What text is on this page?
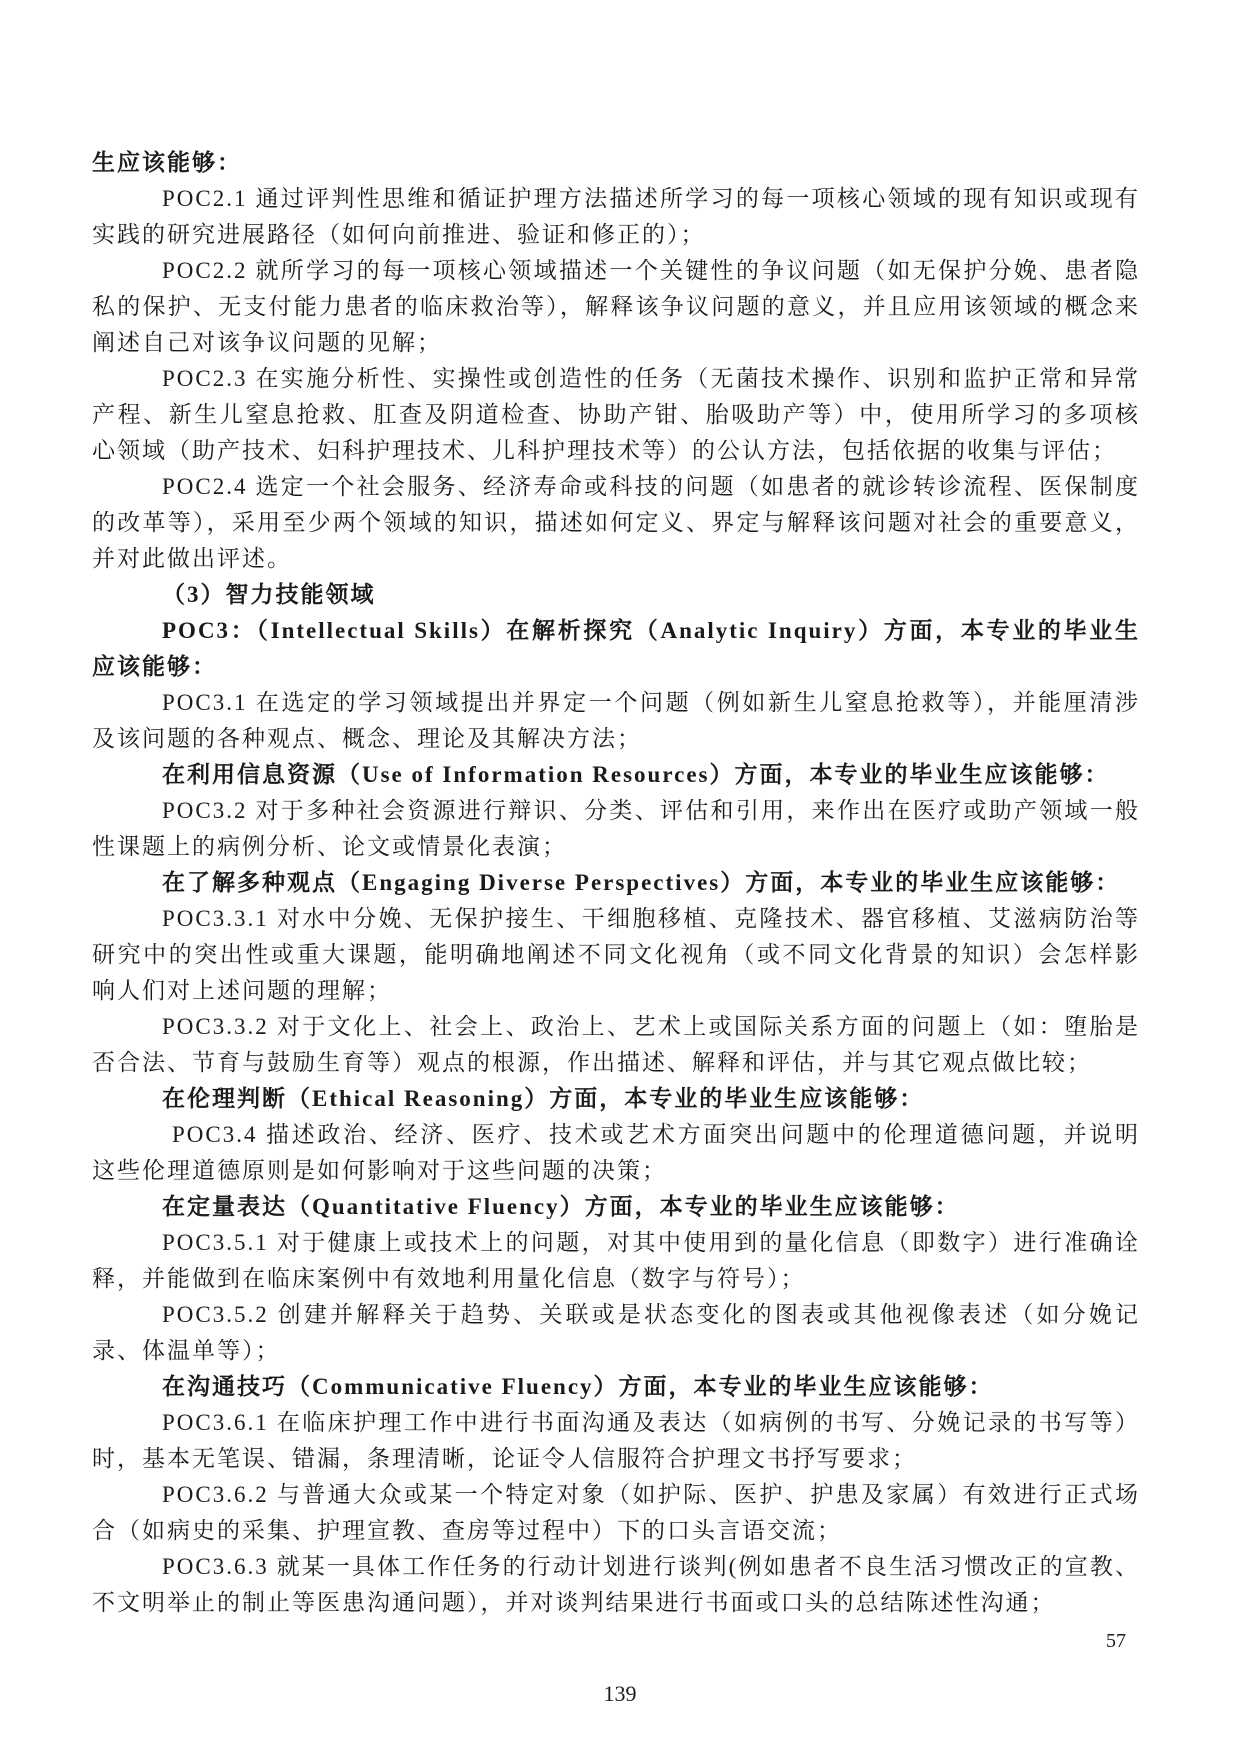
生应该能够：

POC2.1 通过评判性思维和循证护理方法描述所学习的每一项核心领域的现有知识或现有实践的研究进展路径（如何向前推进、验证和修正的）；

POC2.2 就所学习的每一项核心领域描述一个关键性的争议问题（如无保护分娩、患者隐私的保护、无支付能力患者的临床救治等），解释该争议问题的意义，并且应用该领域的概念来阐述自己对该争议问题的见解；

POC2.3 在实施分析性、实操性或创造性的任务（无菌技术操作、识别和监护正常和异常产程、新生儿窒息抢救、肛查及阴道检查、协助产钳、胎吸助产等）中，使用所学习的多项核心领域（助产技术、妇科护理技术、儿科护理技术等）的公认方法，包括依据的收集与评估；

POC2.4 选定一个社会服务、经济寿命或科技的问题（如患者的就诊转诊流程、医保制度的改革等），采用至少两个领域的知识，描述如何定义、界定与解释该问题对社会的重要意义，并对此做出评述。

（3）智力技能领域

POC3：（Intellectual Skills）在解析探究（Analytic Inquiry）方面，本专业的毕业生应该能够：

POC3.1 在选定的学习领域提出并界定一个问题（例如新生儿窒息抢救等），并能厘清涉及该问题的各种观点、概念、理论及其解决方法；

在利用信息资源（Use of Information Resources）方面，本专业的毕业生应该能够：

POC3.2 对于多种社会资源进行辩识、分类、评估和引用，来作出在医疗或助产领域一般性课题上的病例分析、论文或情景化表演；

在了解多种观点（Engaging Diverse Perspectives）方面，本专业的毕业生应该能够：

POC3.3.1 对水中分娩、无保护接生、干细胞移植、克隆技术、器官移植、艾滋病防治等研究中的突出性或重大课题，能明确地阐述不同文化视角（或不同文化背景的知识）会怎样影响人们对上述问题的理解；

POC3.3.2 对于文化上、社会上、政治上、艺术上或国际关系方面的问题上（如：堕胎是否合法、节育与鼓励生育等）观点的根源，作出描述、解释和评估，并与其它观点做比较；

在伦理判断（Ethical Reasoning）方面，本专业的毕业生应该能够：

POC3.4 描述政治、经济、医疗、技术或艺术方面突出问题中的伦理道德问题，并说明这些伦理道德原则是如何影响对于这些问题的决策；

在定量表达（Quantitative Fluency）方面，本专业的毕业生应该能够：

POC3.5.1 对于健康上或技术上的问题，对其中使用到的量化信息（即数字）进行准确诠释，并能做到在临床案例中有效地利用量化信息（数字与符号）；

POC3.5.2 创建并解释关于趋势、关联或是状态变化的图表或其他视像表述（如分娩记录、体温单等）；

在沟通技巧（Communicative Fluency）方面，本专业的毕业生应该能够：

POC3.6.1 在临床护理工作中进行书面沟通及表达（如病例的书写、分娩记录的书写等）时，基本无笔误、错漏，条理清晰，论证令人信服符合护理文书抒写要求；

POC3.6.2 与普通大众或某一个特定对象（如护际、医护、护患及家属）有效进行正式场合（如病史的采集、护理宣教、查房等过程中）下的口头言语交流；

POC3.6.3 就某一具体工作任务的行动计划进行谈判(例如患者不良生活习惯改正的宣教、不文明举止的制止等医患沟通问题），并对谈判结果进行书面或口头的总结陈述性沟通；

57
139
